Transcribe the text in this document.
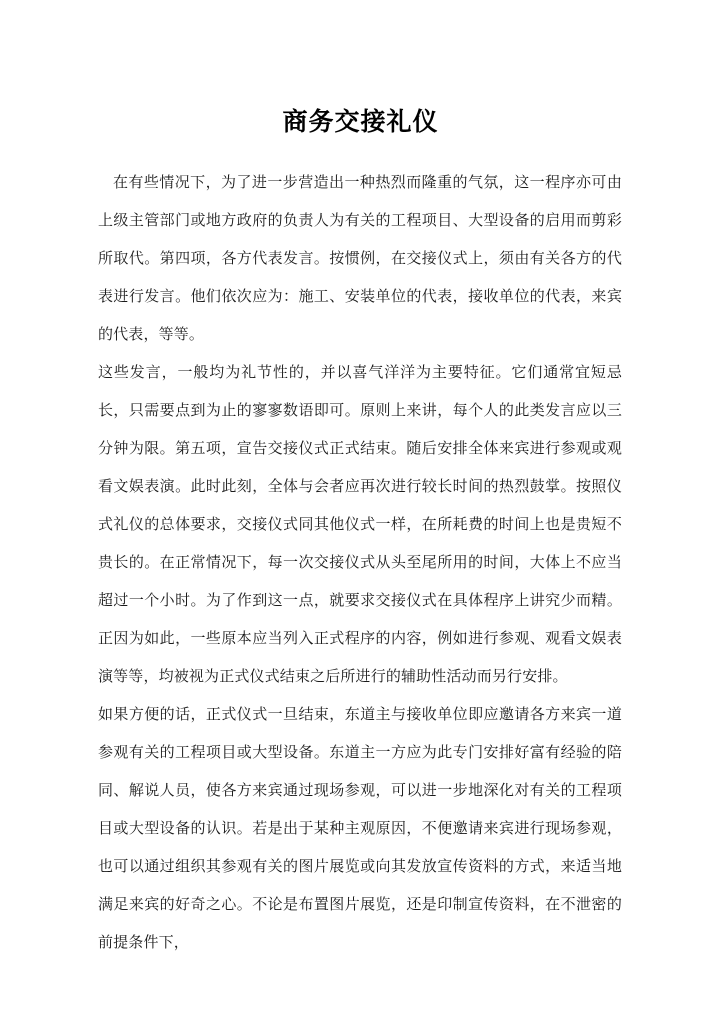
商务交接礼仪

在有些情况下，为了进一步营造出一种热烈而隆重的气氛，这一程序亦可由上级主管部门或地方政府的负责人为有关的工程项目、大型设备的启用而剪彩所取代。第四项，各方代表发言。按惯例，在交接仪式上，须由有关各方的代表进行发言。他们依次应为：施工、安装单位的代表，接收单位的代表，来宾的代表，等等。

这些发言，一般均为礼节性的，并以喜气洋洋为主要特征。它们通常宜短忌长，只需要点到为止的寥寥数语即可。原则上来讲，每个人的此类发言应以三分钟为限。第五项，宣告交接仪式正式结束。随后安排全体来宾进行参观或观看文娱表演。此时此刻，全体与会者应再次进行较长时间的热烈鼓掌。按照仪式礼仪的总体要求，交接仪式同其他仪式一样，在所耗费的时间上也是贵短不贵长的。在正常情况下，每一次交接仪式从头至尾所用的时间，大体上不应当超过一个小时。为了作到这一点，就要求交接仪式在具体程序上讲究少而精。正因为如此，一些原本应当列入正式程序的内容，例如进行参观、观看文娱表演等等，均被视为正式仪式结束之后所进行的辅助性活动而另行安排。

如果方便的话，正式仪式一旦结束，东道主与接收单位即应邀请各方来宾一道参观有关的工程项目或大型设备。东道主一方应为此专门安排好富有经验的陪同、解说人员，使各方来宾通过现场参观，可以进一步地深化对有关的工程项目或大型设备的认识。若是出于某种主观原因，不便邀请来宾进行现场参观，也可以通过组织其参观有关的图片展览或向其发放宣传资料的方式，来适当地满足来宾的好奇之心。不论是布置图片展览，还是印制宣传资料，在不泄密的前提条件下，
